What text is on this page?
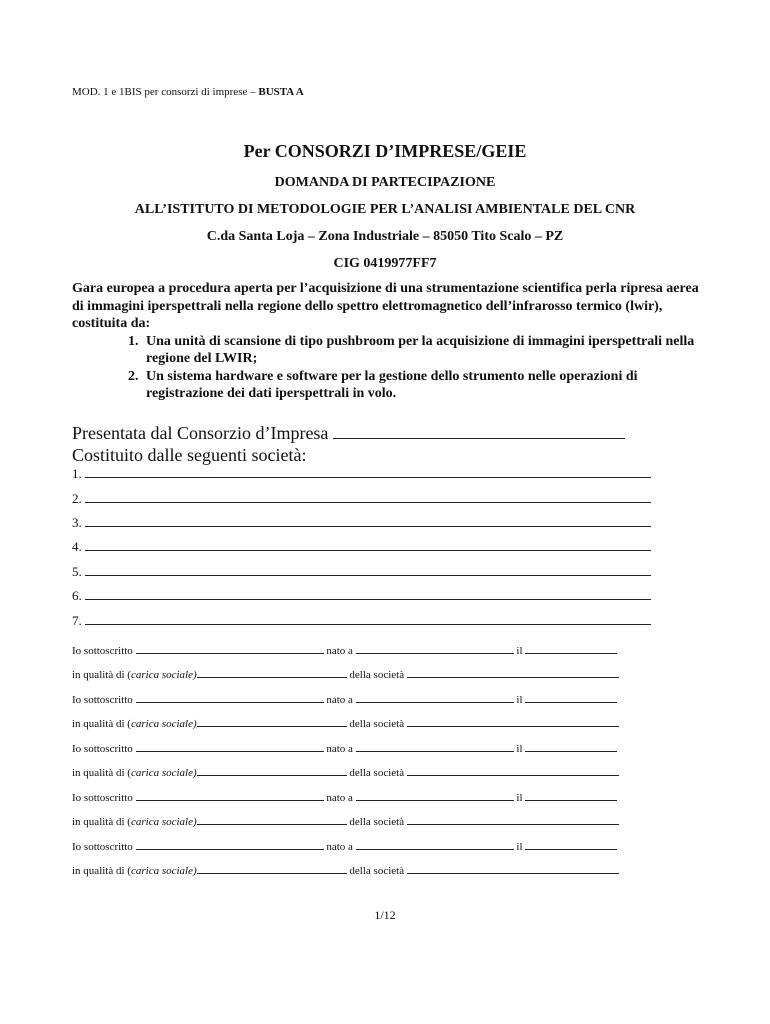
MOD. 1 e 1BIS per consorzi di imprese – BUSTA A
Per CONSORZI D’IMPRESE/GEIE
DOMANDA DI PARTECIPAZIONE
ALL’ISTITUTO DI METODOLOGIE PER L’ANALISI AMBIENTALE DEL CNR
C.da Santa Loja – Zona Industriale – 85050 Tito Scalo – PZ
CIG 0419977FF7

Gara europea a procedura aperta per l’acquisizione di una strumentazione scientifica perla ripresa aerea di immagini iperspettrali nella regione dello spettro elettromagnetico dell’infrarosso termico (lwir), costituita da:

1. Una unità di scansione di tipo pushbroom per la acquisizione di immagini iperspettrali nella regione del LWIR;
2. Un sistema hardware e software per la gestione dello strumento nelle operazioni di registrazione dei dati iperspettrali in volo.
Presentata dal Consorzio d’Impresa
Costituito dalle seguenti società:
1.
2.
3.
4.
5.
6.
7.
Io sottoscritto	nato a	il
in qualità di (carica sociale)	della società
Io sottoscritto	nato a	il
in qualità di (carica sociale)	della società
Io sottoscritto	nato a	il
in qualità di (carica sociale)	della società
Io sottoscritto	nato a	il
in qualità di (carica sociale)	della società
Io sottoscritto	nato a	il
in qualità di (carica sociale)	della società
1/12
